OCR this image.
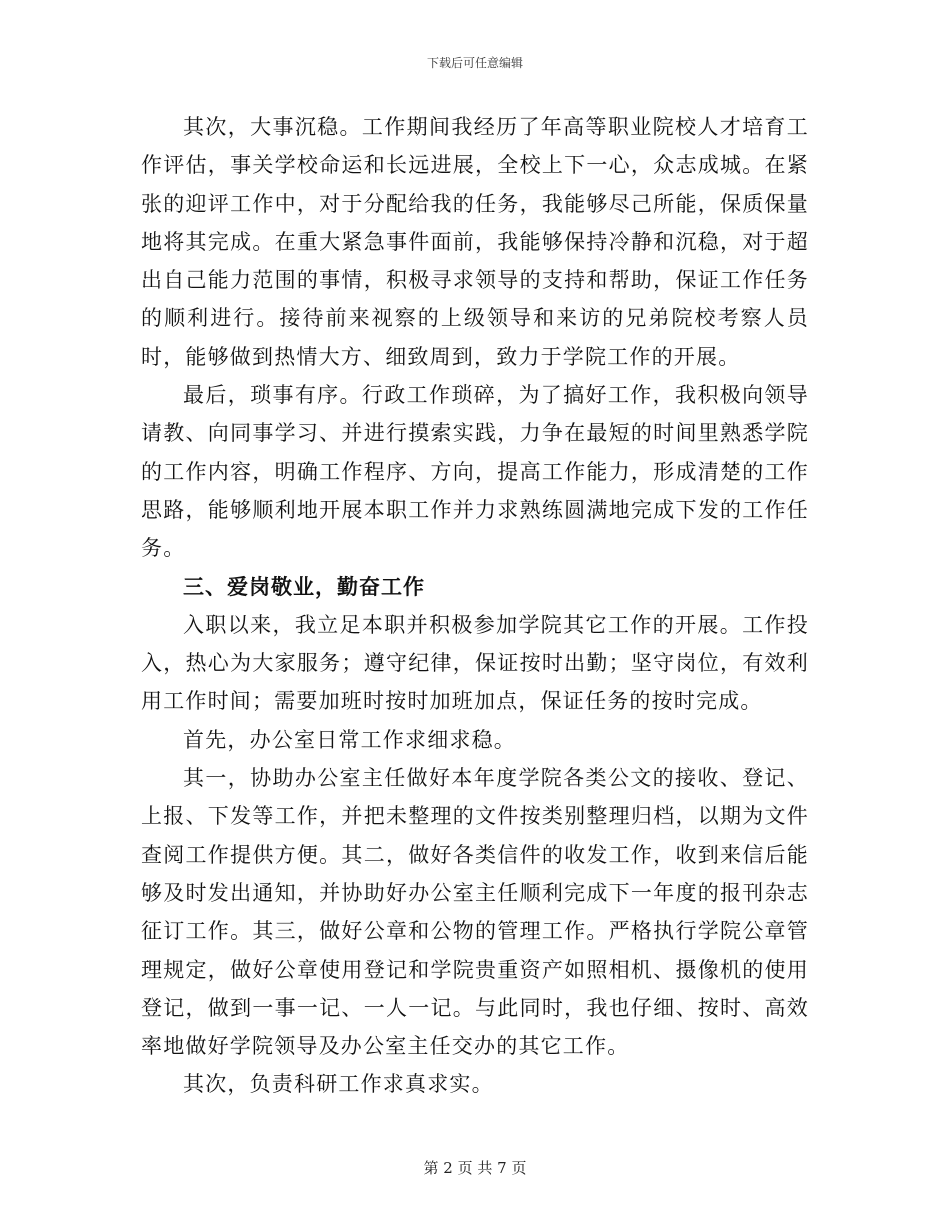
下载后可任意编辑

其次，大事沉稳。工作期间我经历了年高等职业院校人才培育工作评估，事关学校命运和长远进展，全校上下一心，众志成城。在紧张的迎评工作中，对于分配给我的任务，我能够尽己所能，保质保量地将其完成。在重大紧急事件面前，我能够保持冷静和沉稳，对于超出自己能力范围的事情，积极寻求领导的支持和帮助，保证工作任务的顺利进行。接待前来视察的上级领导和来访的兄弟院校考察人员时，能够做到热情大方、细致周到，致力于学院工作的开展。

最后，琐事有序。行政工作琐碎，为了搞好工作，我积极向领导请教、向同事学习、并进行摸索实践，力争在最短的时间里熟悉学院的工作内容，明确工作程序、方向，提高工作能力，形成清楚的工作思路，能够顺利地开展本职工作并力求熟练圆满地完成下发的工作任务。

三、爱岗敬业，勤奋工作

入职以来，我立足本职并积极参加学院其它工作的开展。工作投入，热心为大家服务；遵守纪律，保证按时出勤；坚守岗位，有效利用工作时间；需要加班时按时加班加点，保证任务的按时完成。

首先，办公室日常工作求细求稳。

其一，协助办公室主任做好本年度学院各类公文的接收、登记、上报、下发等工作，并把未整理的文件按类别整理归档，以期为文件查阅工作提供方便。其二，做好各类信件的收发工作，收到来信后能够及时发出通知，并协助好办公室主任顺利完成下一年度的报刊杂志征订工作。其三，做好公章和公物的管理工作。严格执行学院公章管理规定，做好公章使用登记和学院贵重资产如照相机、摄像机的使用登记，做到一事一记、一人一记。与此同时，我也仔细、按时、高效率地做好学院领导及办公室主任交办的其它工作。

其次，负责科研工作求真求实。

第 2 页 共 7 页
